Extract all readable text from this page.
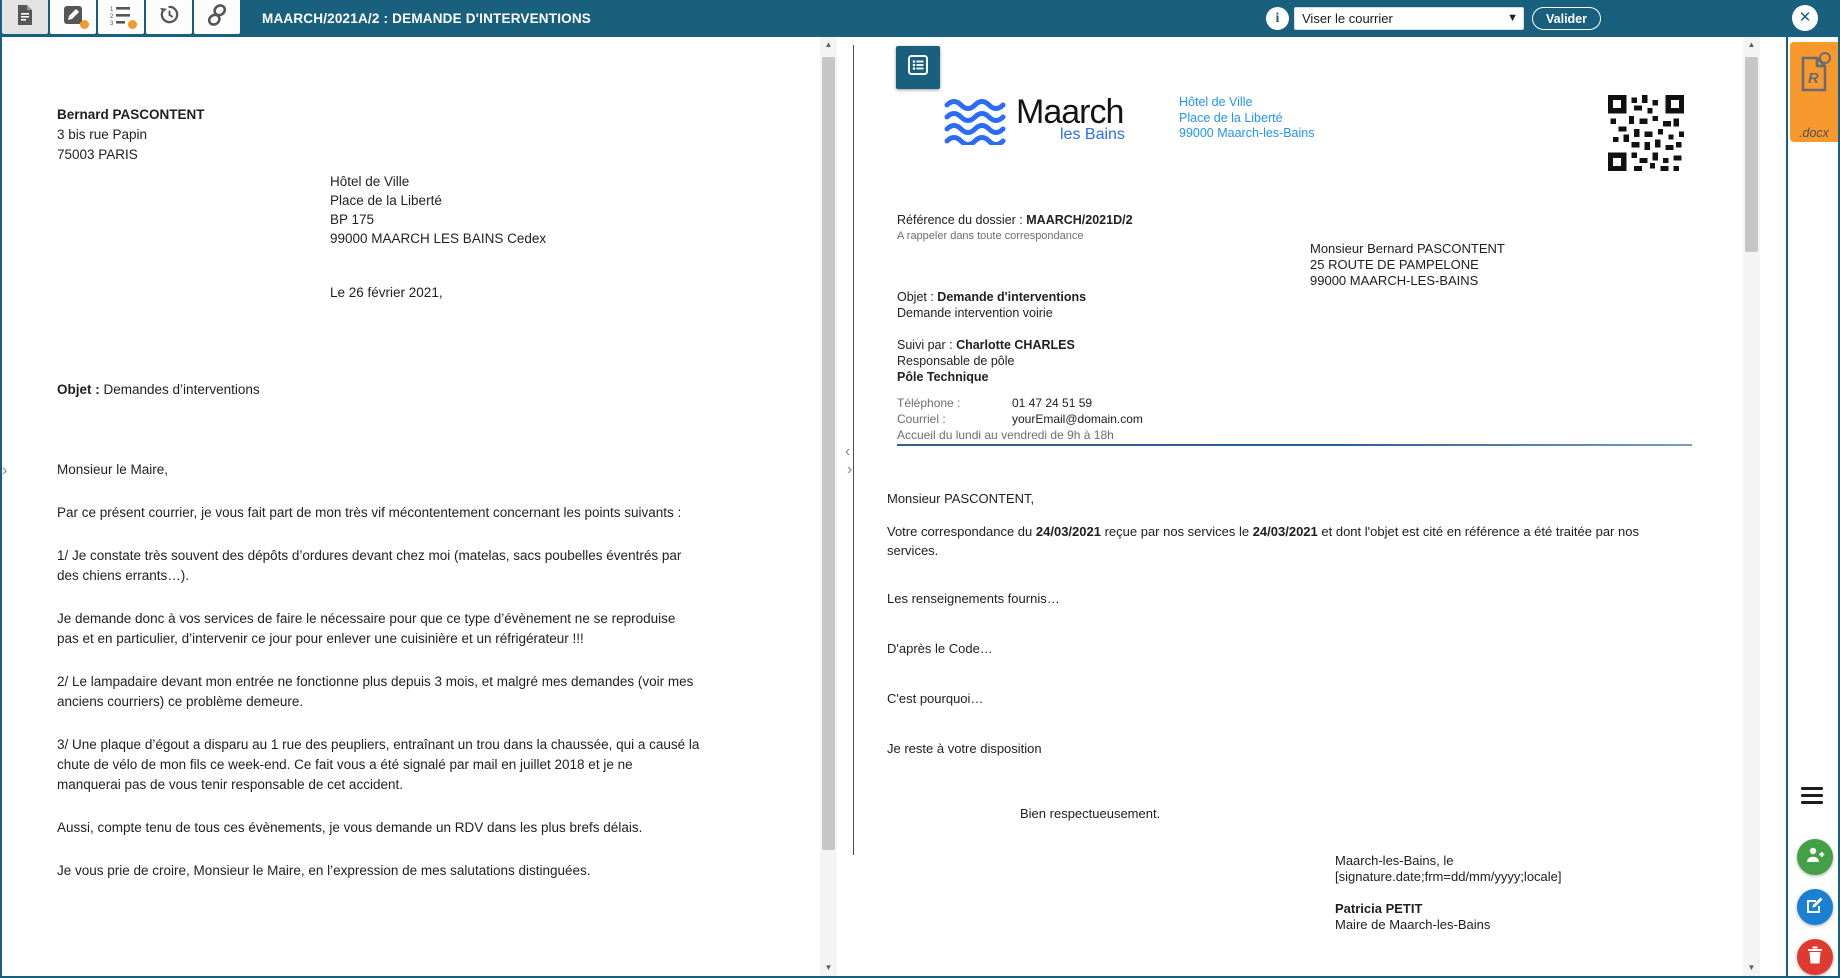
1
2
3	MAARCH/2021A/2 : DEMANDE D'INTERVENTIONS	i	Viser le courrier	▼	Valider	✕
›
Bernard PASCONTENT
3 bis rue Papin
75003 PARIS
Hôtel de Ville
Place de la Liberté
BP 175
99000 MAARCH LES BAINS Cedex
Le 26 février 2021,
Objet : Demandes d’interventions

Monsieur le Maire,

Par ce présent courrier, je vous fait part de mon très vif mécontentement concernant les points suivants :

1/ Je constate très souvent des dépôts d’ordures devant chez moi (matelas, sacs poubelles éventrés par des chiens errants…).

Je demande donc à vos services de faire le nécessaire pour que ce type d’évènement ne se reproduise pas et en particulier, d’intervenir ce jour pour enlever une cuisinière et un réfrigérateur !!!

2/ Le lampadaire devant mon entrée ne fonctionne plus depuis 3 mois, et malgré mes demandes (voir mes anciens courriers) ce problème demeure.

3/ Une plaque d’égout a disparu au 1 rue des peupliers, entraînant un trou dans la chaussée, qui a causé la chute de vélo de mon fils ce week-end. Ce fait vous a été signalé par mail en juillet 2018 et je ne manquerai pas de vous tenir responsable de cet accident.

Aussi, compte tenu de tous ces évènements, je vous demande un RDV dans les plus brefs délais.

Je vous prie de croire, Monsieur le Maire, en l’expression de mes salutations distinguées.

▲
▼
‹
›
Maarch
les Bains
Hôtel de Ville
Place de la Liberté
99000 Maarch-les-Bains
Référence du dossier : MAARCH/2021D/2
A rappeler dans toute correspondance
Monsieur Bernard PASCONTENT
25 ROUTE DE PAMPELONE
99000 MAARCH-LES-BAINS
Objet : Demande d'interventions
Demande intervention voirie
Suivi par : Charlotte CHARLES
Responsable de pôle
Pôle Technique
Téléphone :	01 47 24 51 59
Courriel :	yourEmail@domain.com
Accueil du lundi au vendredi de 9h à 18h

Monsieur PASCONTENT,

Votre correspondance du 24/03/2021 reçue par nos services le 24/03/2021 et dont l'objet est cité en référence a été traitée par nos services.

Les renseignements fournis…

D'après le Code…

C'est pourquoi…

Je reste à votre disposition

Bien respectueusement.
Maarch-les-Bains, le
[signature.date;frm=dd/mm/yyyy;locale]
Patricia PETIT
Maire de Maarch-les-Bains
▲
▼
R
.docx
